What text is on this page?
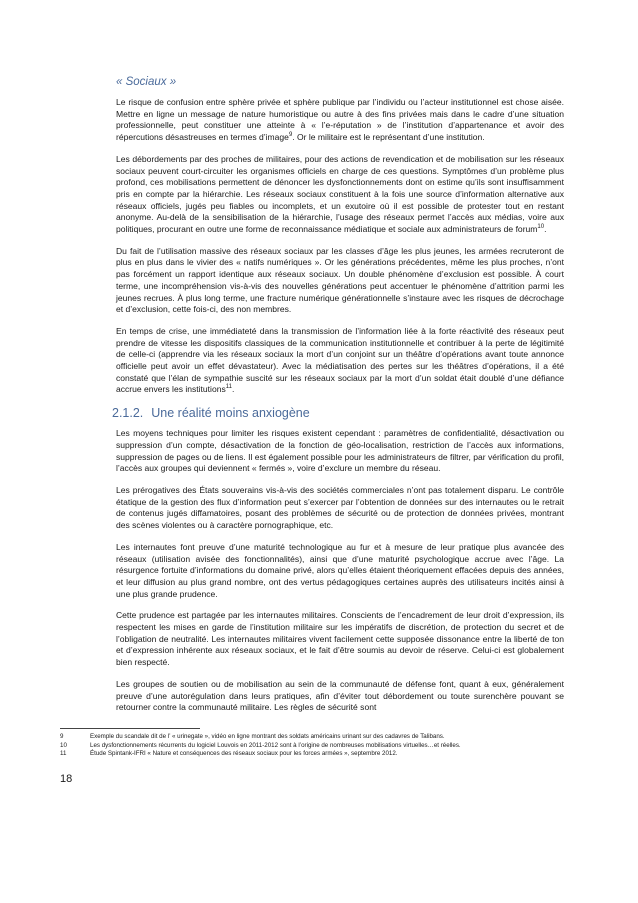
« Sociaux »

Le risque de confusion entre sphère privée et sphère publique par l’individu ou l’acteur institutionnel est chose aisée. Mettre en ligne un message de nature humoristique ou autre à des fins privées mais dans le cadre d’une situation professionnelle, peut constituer une atteinte à « l’e-réputation » de l’institution d’appartenance et avoir des répercutions désastreuses en termes d’image$^9$. Or le militaire est le représentant d’une institution.

Les débordements par des proches de militaires, pour des actions de revendication et de mobilisation sur les réseaux sociaux peuvent court-circuiter les organismes officiels en charge de ces questions. Symptômes d’un problème plus profond, ces mobilisations permettent de dénoncer les dysfonctionnements dont on estime qu’ils sont insuffisamment pris en compte par la hiérarchie. Les réseaux sociaux constituent à la fois une source d’information alternative aux réseaux officiels, jugés peu fiables ou incomplets, et un exutoire où il est possible de protester tout en restant anonyme. Au-delà de la sensibilisation de la hiérarchie, l’usage des réseaux permet l’accès aux médias, voire aux politiques, procurant en outre une forme de reconnaissance médiatique et sociale aux administrateurs de forum$^{10}$.

Du fait de l’utilisation massive des réseaux sociaux par les classes d’âge les plus jeunes, les armées recruteront de plus en plus dans le vivier des « natifs numériques ». Or les générations précédentes, même les plus proches, n’ont pas forcément un rapport identique aux réseaux sociaux. Un double phénomène d’exclusion est possible. À court terme, une incompréhension vis-à-vis des nouvelles générations peut accentuer le phénomène d’attrition parmi les jeunes recrues. À plus long terme, une fracture numérique générationnelle s’instaure avec les risques de décrochage et d’exclusion, cette fois-ci, des non membres.

En temps de crise, une immédiateté dans la transmission de l’information liée à la forte réactivité des réseaux peut prendre de vitesse les dispositifs classiques de la communication institutionnelle et contribuer à la perte de légitimité de celle-ci (apprendre via les réseaux sociaux la mort d’un conjoint sur un théâtre d’opérations avant toute annonce officielle peut avoir un effet dévastateur). Avec la médiatisation des pertes sur les théâtres d’opérations, il a été constaté que l’élan de sympathie suscité sur les réseaux sociaux par la mort d’un soldat était doublé d’une défiance accrue envers les institutions$^{11}$.

2.1.2. Une réalité moins anxiogène

Les moyens techniques pour limiter les risques existent cependant : paramètres de confidentialité, désactivation ou suppression d’un compte, désactivation de la fonction de géo-localisation, restriction de l’accès aux informations, suppression de pages ou de liens. Il est également possible pour les administrateurs de filtrer, par vérification du profil, l’accès aux groupes qui deviennent « fermés », voire d’exclure un membre du réseau.

Les prérogatives des États souverains vis-à-vis des sociétés commerciales n’ont pas totalement disparu. Le contrôle étatique de la gestion des flux d’information peut s’exercer par l’obtention de données sur des internautes ou le retrait de contenus jugés diffamatoires, posant des problèmes de sécurité ou de protection de données privées, montrant des scènes violentes ou à caractère pornographique, etc.

Les internautes font preuve d’une maturité technologique au fur et à mesure de leur pratique plus avancée des réseaux (utilisation avisée des fonctionnalités), ainsi que d’une maturité psychologique accrue avec l’âge. La résurgence fortuite d’informations du domaine privé, alors qu’elles étaient théoriquement effacées depuis des années, et leur diffusion au plus grand nombre, ont des vertus pédagogiques certaines auprès des utilisateurs incités ainsi à une plus grande prudence.

Cette prudence est partagée par les internautes militaires. Conscients de l’encadrement de leur droit d’expression, ils respectent les mises en garde de l’institution militaire sur les impératifs de discrétion, de protection du secret et de l’obligation de neutralité. Les internautes militaires vivent facilement cette supposée dissonance entre la liberté de ton et d’expression inhérente aux réseaux sociaux, et le fait d’être soumis au devoir de réserve. Celui-ci est globalement bien respecté.

Les groupes de soutien ou de mobilisation au sein de la communauté de défense font, quant à eux, généralement preuve d’une autorégulation dans leurs pratiques, afin d’éviter tout débordement ou toute surenchère pouvant se retourner contre la communauté militaire. Les règles de sécurité sont

9	Exemple du scandale dit de l’ « urinegate », vidéo en ligne montrant des soldats américains urinant sur des cadavres de Talibans.
10	Les dysfonctionnements récurrents du logiciel Louvois en 2011-2012 sont à l’origine de nombreuses mobilisations virtuelles…et réelles.
11	Étude Spintank-IFRI « Nature et conséquences des réseaux sociaux pour les forces armées », septembre 2012.
18
